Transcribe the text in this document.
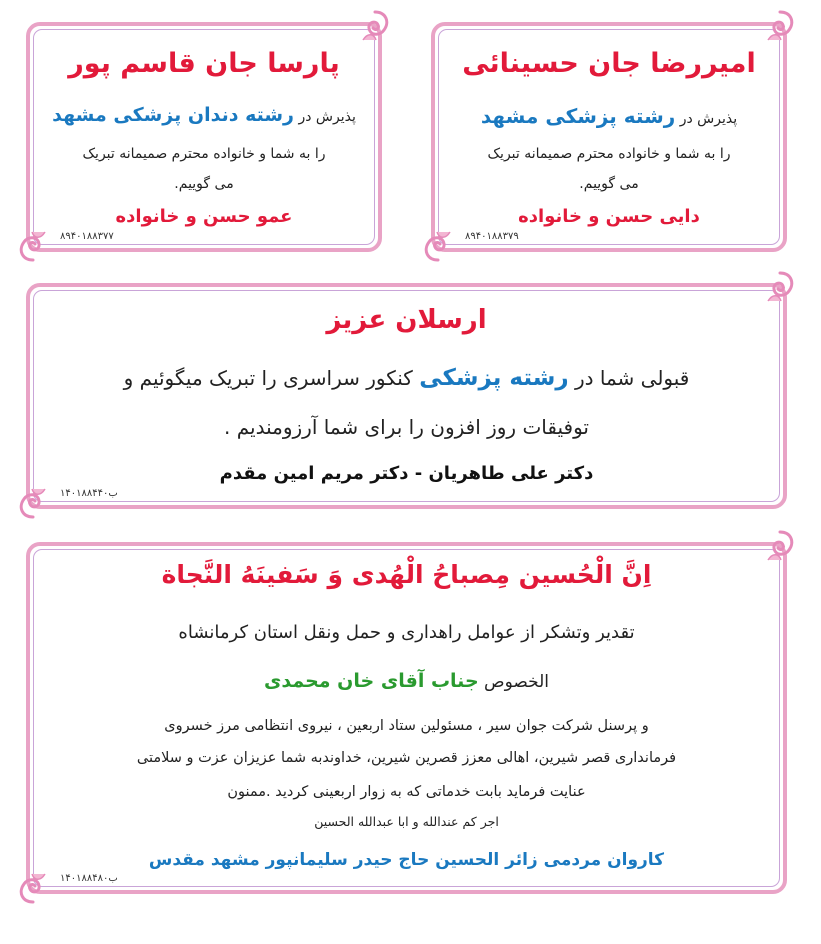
امیررضا جان حسینائی
پذیرش در رشته پزشکی مشهد
را به شما و خانواده محترم صمیمانه تبریک
می گوییم.
دایی حسن و خانواده
۸۹۴۰۱۸۸۳۷۹
پارسا جان قاسم پور
پذیرش در رشته دندان پزشکی مشهد
را به شما و خانواده محترم صمیمانه تبریک
می گوییم.
عمو حسن و خانواده
۸۹۴۰۱۸۸۳۷۷
ارسلان عزیز
قبولی شما در رشته پزشکی کنکور سراسری را تبریک میگوئیم و
توفیقات روز افزون را برای شما آرزومندیم .
دکتر علی طاهریان - دکتر مریم امین مقدم
۱۴۰۱۸۸۴۴۰ب
اِنَّ الْحُسین مِصباحُ الْهُدی وَ سَفینَهُ النَّجاة
تقدیر وتشکر از عوامل راهداری و حمل ونقل استان کرمانشاه
الخصوص جناب آقای خان محمدی
و پرسنل شرکت جوان سیر ، مسئولین ستاد اربعین ، نیروی انتظامی مرز خسروی
فرمانداری قصر شیرین، اهالی معزز قصرین شیرین، خداوندبه شما عزیزان عزت و سلامتی
عنایت فرماید بابت خدماتی که به زوار اربعینی کردید .ممنون
اجر کم عندالله و ابا عبدالله الحسین
کاروان مردمی زائر الحسین حاج حیدر سلیمانپور مشهد مقدس
۱۴۰۱۸۸۴۸۰ب
